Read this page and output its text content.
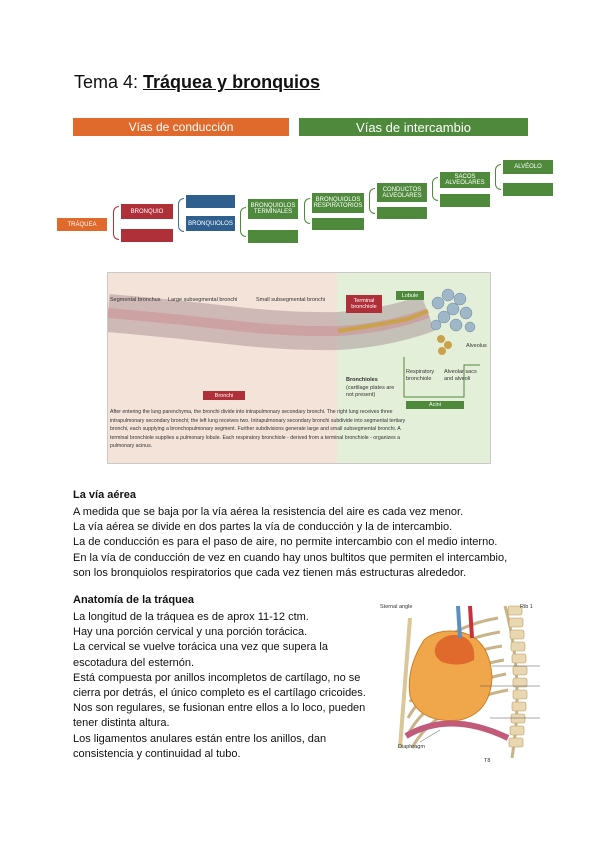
Tema 4: Tráquea y bronquios
Vías de conducción	Vías de intercambio
TRÁQUEA
BRONQUIO
BRONQUIOLOS
BRONQUIOLOS TERMINALES
BRONQUIOLOS RESPIRATORIOS
CONDUCTOS ALVEOLARES
SACOS ALVEOLARES
ALVÉOLO
Segmental bronchus Large subsegmental bronchi	Small subsegmental bronchi	Terminal bronchiole
Lobule
Alveolus
Bronchioles
(cartilage plates are not present)
Respiratory bronchiole
Alveolar sacs and alveoli
Bronchi
Acini
After entering the lung parenchyma, the bronchi divide into intrapulmonary secondary bronchi. The right lung receives three intrapulmonary secondary bronchi; the left lung receives two. Intrapulmonary secondary bronchi subdivide into segmental tertiary bronchi, each supplying a bronchopulmonary segment. Further subdivisions generate large and small subsegmental bronchi. A terminal bronchiole supplies a pulmonary lobule. Each respiratory bronchiole - derived from a terminal bronchiole - organizes a pulmonary acinus.
La vía aérea
A medida que se baja por la vía aérea la resistencia del aire es cada vez menor.
La vía aérea se divide en dos partes la vía de conducción y la de intercambio.
La de conducción es para el paso de aire, no permite intercambio con el medio interno.
En la vía de conducción de vez en cuando hay unos bultitos que permiten el intercambio,
son los bronquiolos respiratorios que cada vez tienen más estructuras alrededor.
Anatomía de la tráquea
La longitud de la tráquea es de aprox 11-12 ctm.
Hay una porción cervical y una porción torácica.
La cervical se vuelve torácica una vez que supera la
escotadura del esternón.
Está compuesta por anillos incompletos de cartílago, no se
cierra por detrás, el único completo es el cartílago cricoides.
Nos son regulares, se fusionan entre ellos a lo loco, pueden
tener distinta altura.
Los ligamentos anulares están entre los anillos, dan
consistencia y continuidad al tubo.
Sternal angle	Rib 1
Diaphragm
T8
